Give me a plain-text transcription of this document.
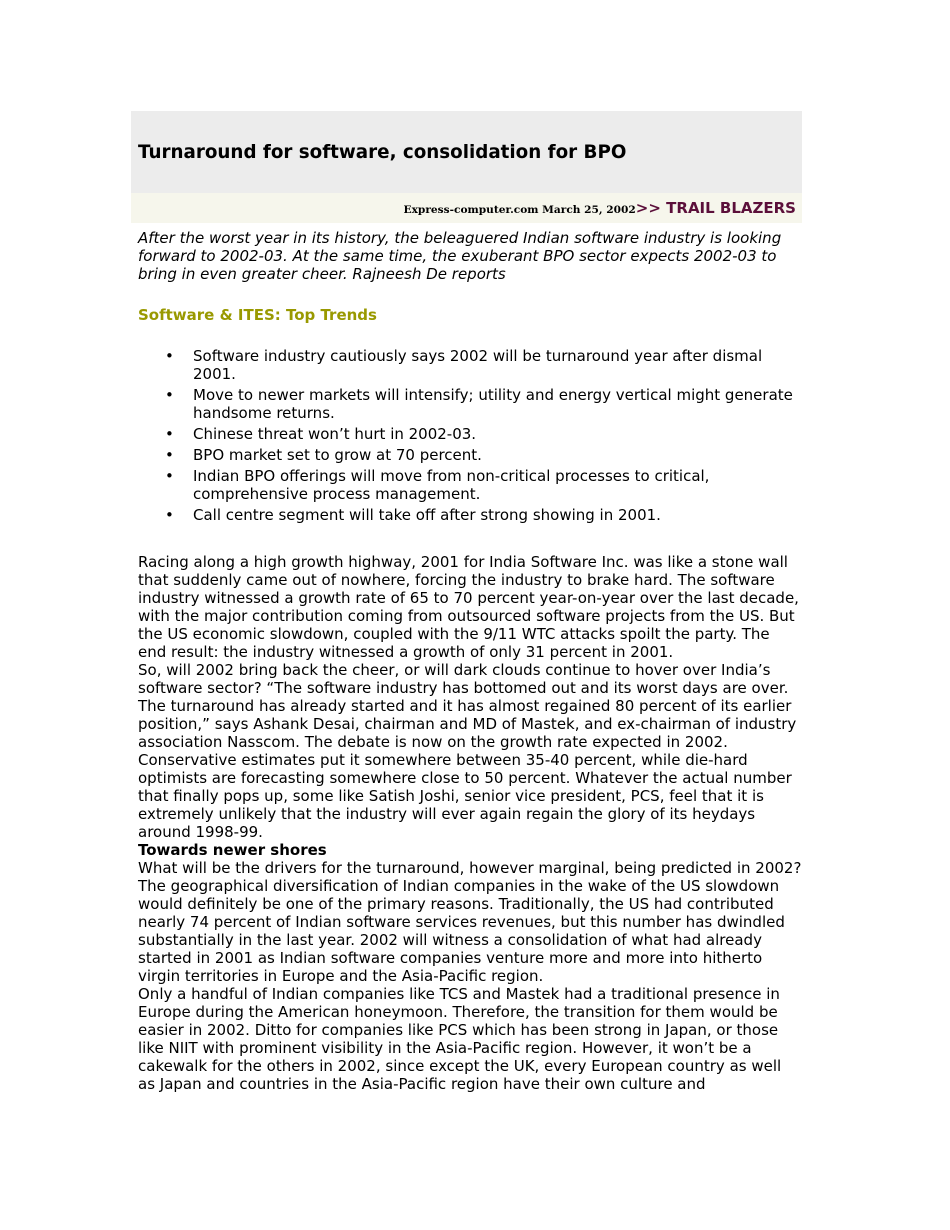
Turnaround for software, consolidation for BPO
Express-computer.com March 25, 2002>> TRAIL BLAZERS

After the worst year in its history, the beleaguered Indian software industry is looking forward to 2002-03. At the same time, the exuberant BPO sector expects 2002-03 to bring in even greater cheer. Rajneesh De reports

Software & ITES: Top Trends
• Software industry cautiously says 2002 will be turnaround year after dismal 2001.
• Move to newer markets will intensify; utility and energy vertical might generate handsome returns.
• Chinese threat won’t hurt in 2002-03.
• BPO market set to grow at 70 percent.
• Indian BPO offerings will move from non-critical processes to critical, comprehensive process management.
• Call centre segment will take off after strong showing in 2001.

Racing along a high growth highway, 2001 for India Software Inc. was like a stone wall that suddenly came out of nowhere, forcing the industry to brake hard. The software industry witnessed a growth rate of 65 to 70 percent year-on-year over the last decade, with the major contribution coming from outsourced software projects from the US. But the US economic slowdown, coupled with the 9/11 WTC attacks spoilt the party. The end result: the industry witnessed a growth of only 31 percent in 2001.

So, will 2002 bring back the cheer, or will dark clouds continue to hover over India’s software sector? “The software industry has bottomed out and its worst days are over. The turnaround has already started and it has almost regained 80 percent of its earlier position,” says Ashank Desai, chairman and MD of Mastek, and ex-chairman of industry association Nasscom. The debate is now on the growth rate expected in 2002. Conservative estimates put it somewhere between 35-40 percent, while die-hard optimists are forecasting somewhere close to 50 percent. Whatever the actual number that finally pops up, some like Satish Joshi, senior vice president, PCS, feel that it is extremely unlikely that the industry will ever again regain the glory of its heydays around 1998-99.

Towards newer shores

What will be the drivers for the turnaround, however marginal, being predicted in 2002? The geographical diversification of Indian companies in the wake of the US slowdown would definitely be one of the primary reasons. Traditionally, the US had contributed nearly 74 percent of Indian software services revenues, but this number has dwindled substantially in the last year. 2002 will witness a consolidation of what had already started in 2001 as Indian software companies venture more and more into hitherto virgin territories in Europe and the Asia-Pacific region.

Only a handful of Indian companies like TCS and Mastek had a traditional presence in Europe during the American honeymoon. Therefore, the transition for them would be easier in 2002. Ditto for companies like PCS which has been strong in Japan, or those like NIIT with prominent visibility in the Asia-Pacific region. However, it won’t be a cakewalk for the others in 2002, since except the UK, every European country as well as Japan and countries in the Asia-Pacific region have their own culture and
